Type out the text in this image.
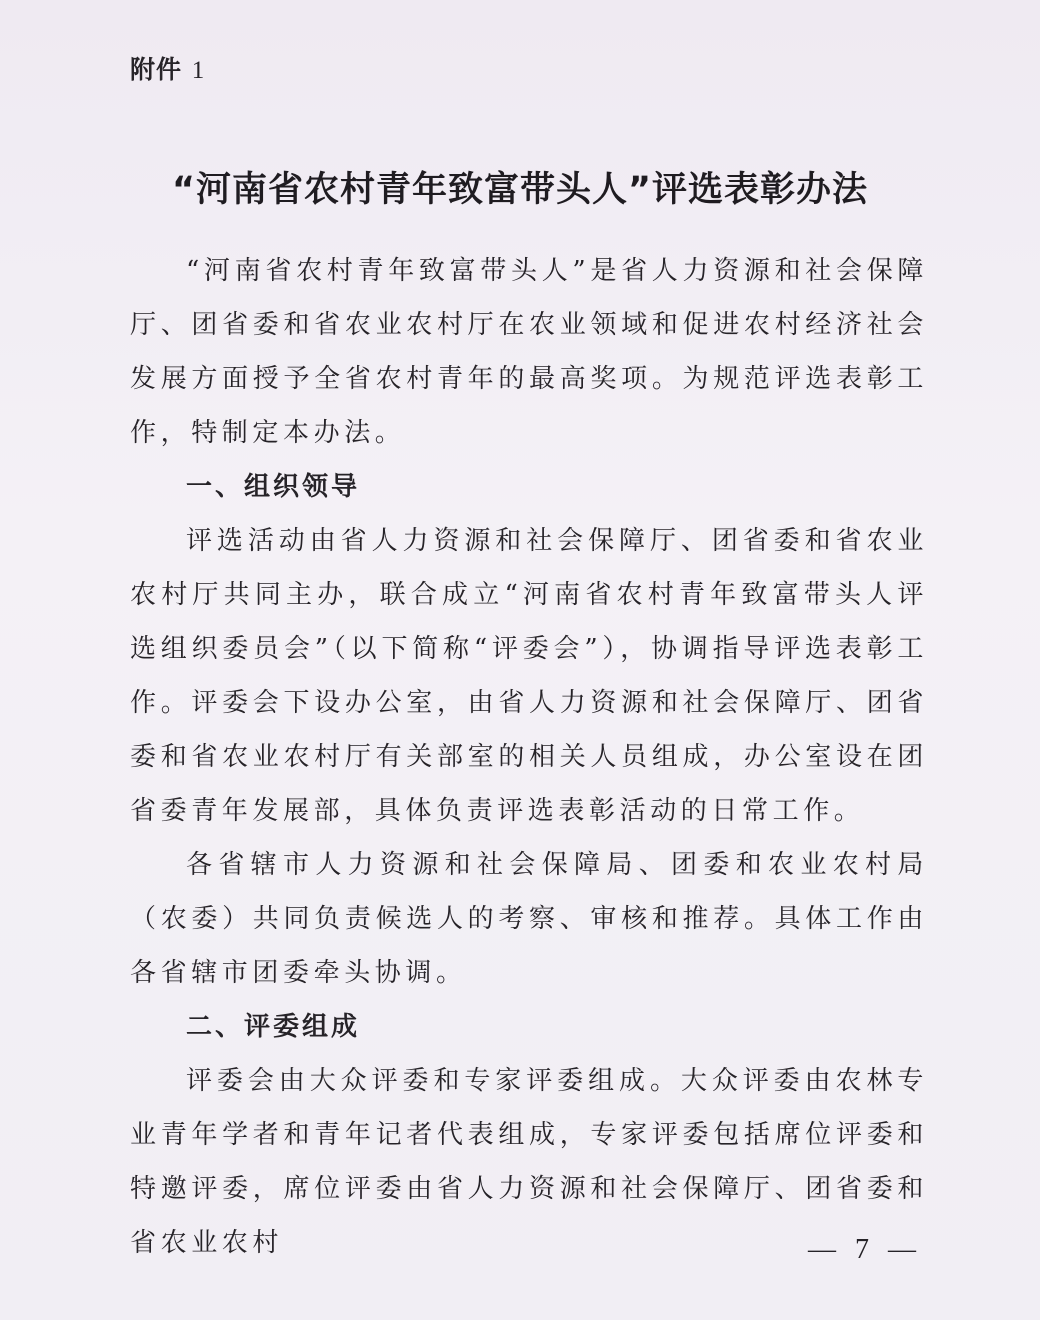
附件 1
“河南省农村青年致富带头人”评选表彰办法

“河南省农村青年致富带头人”是省人力资源和社会保障厅、团省委和省农业农村厅在农业领域和促进农村经济社会发展方面授予全省农村青年的最高奖项。为规范评选表彰工作，特制定本办法。

一、组织领导

评选活动由省人力资源和社会保障厅、团省委和省农业农村厅共同主办，联合成立“河南省农村青年致富带头人评选组织委员会”（以下简称“评委会”），协调指导评选表彰工作。评委会下设办公室，由省人力资源和社会保障厅、团省委和省农业农村厅有关部室的相关人员组成，办公室设在团省委青年发展部，具体负责评选表彰活动的日常工作。

各省辖市人力资源和社会保障局、团委和农业农村局（农委）共同负责候选人的考察、审核和推荐。具体工作由各省辖市团委牵头协调。

二、评委组成

评委会由大众评委和专家评委组成。大众评委由农林专业青年学者和青年记者代表组成，专家评委包括席位评委和特邀评委，席位评委由省人力资源和社会保障厅、团省委和省农业农村	— 7 —
